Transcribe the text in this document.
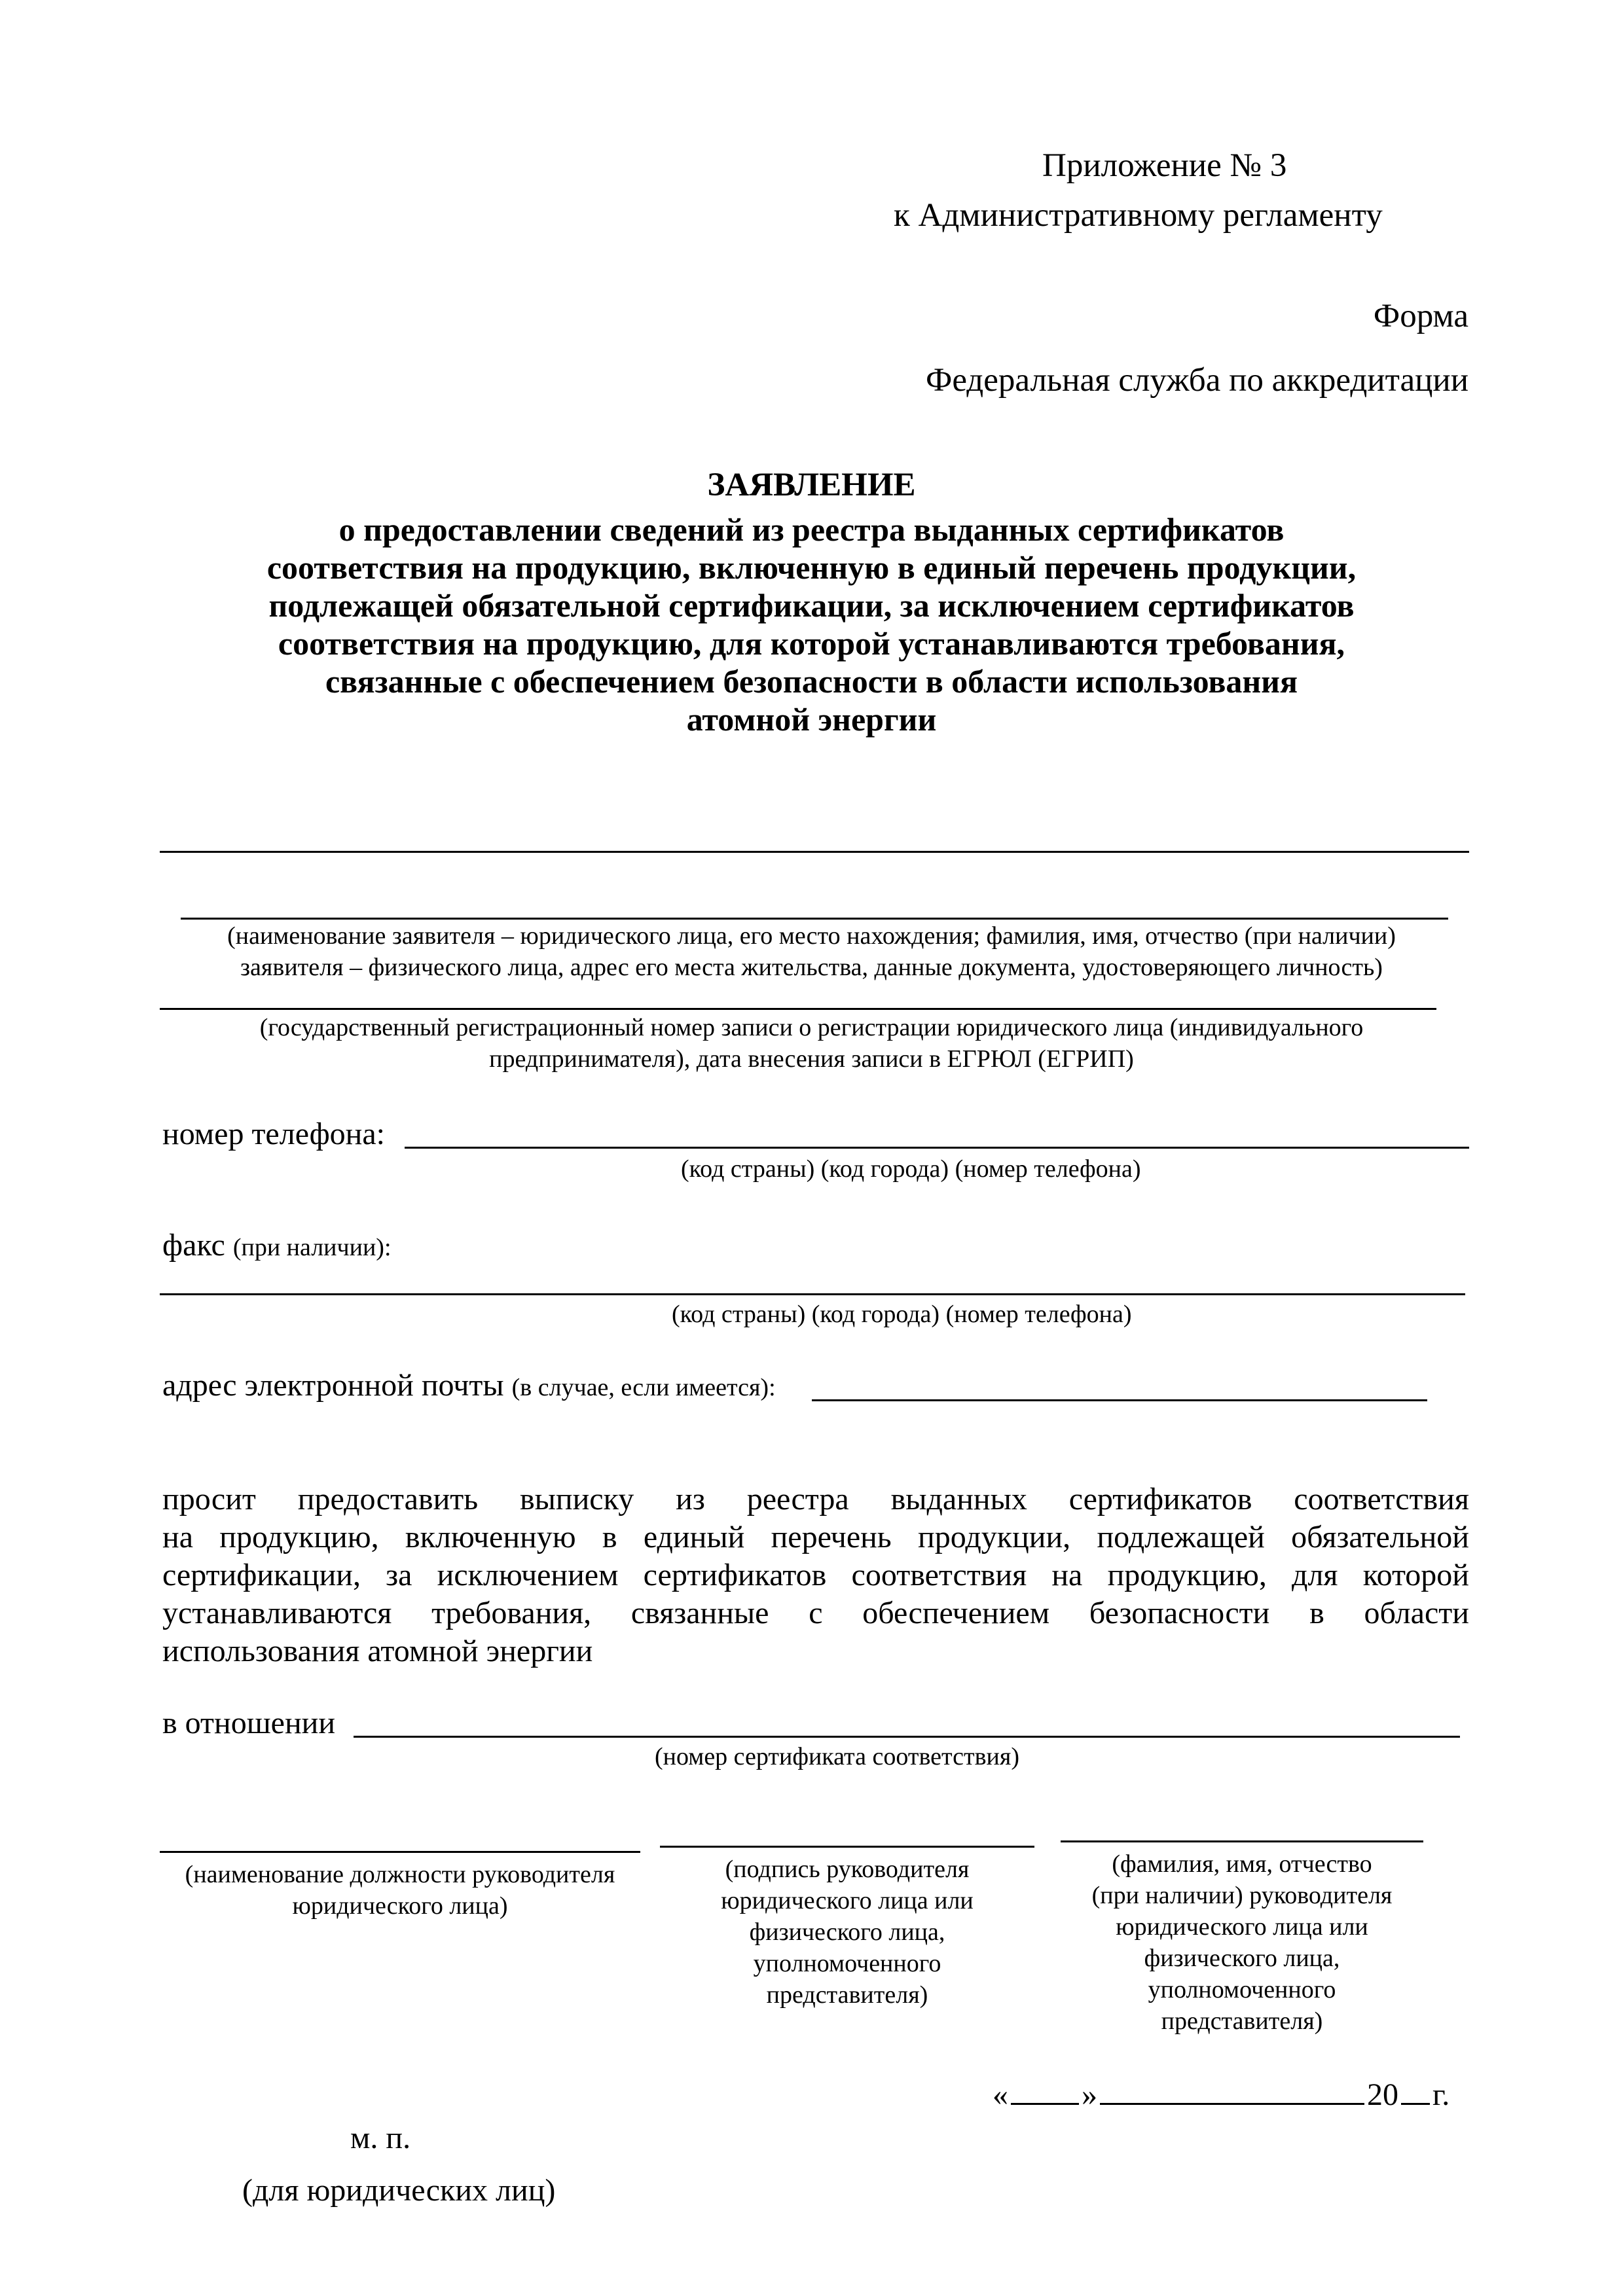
Приложение № 3
к Административному регламенту
Форма
Федеральная служба по аккредитации
ЗАЯВЛЕНИЕ
о предоставлении сведений из реестра выданных сертификатов
соответствия на продукцию, включенную в единый перечень продукции,
подлежащей обязательной сертификации, за исключением сертификатов
соответствия на продукцию, для которой устанавливаются требования,
связанные с обеспечением безопасности в области использования
атомной энергии
(наименование заявителя – юридического лица, его место нахождения; фамилия, имя, отчество (при наличии)
заявителя – физического лица, адрес его места жительства, данные документа, удостоверяющего личность)
(государственный регистрационный номер записи о регистрации юридического лица (индивидуального
предпринимателя), дата внесения записи в ЕГРЮЛ (ЕГРИП)
номер телефона:
(код страны) (код города) (номер телефона)
факс (при наличии):
(код страны) (код города) (номер телефона)
адрес электронной почты (в случае, если имеется):
просит предоставить выписку из реестра выданных сертификатов соответствия
на продукцию, включенную в единый перечень продукции, подлежащей обязательной
сертификации, за исключением сертификатов соответствия на продукцию, для которой
устанавливаются требования, связанные с обеспечением безопасности в области
использования атомной энергии
в отношении
(номер сертификата соответствия)
(наименование должности руководителя
юридического лица)
(подпись руководителя
юридического лица или
физического лица,
уполномоченного
представителя)
(фамилия, имя, отчество
(при наличии) руководителя
юридического лица или
физического лица,
уполномоченного
представителя)
« »	20 г.
м. п.
(для юридических лиц)
